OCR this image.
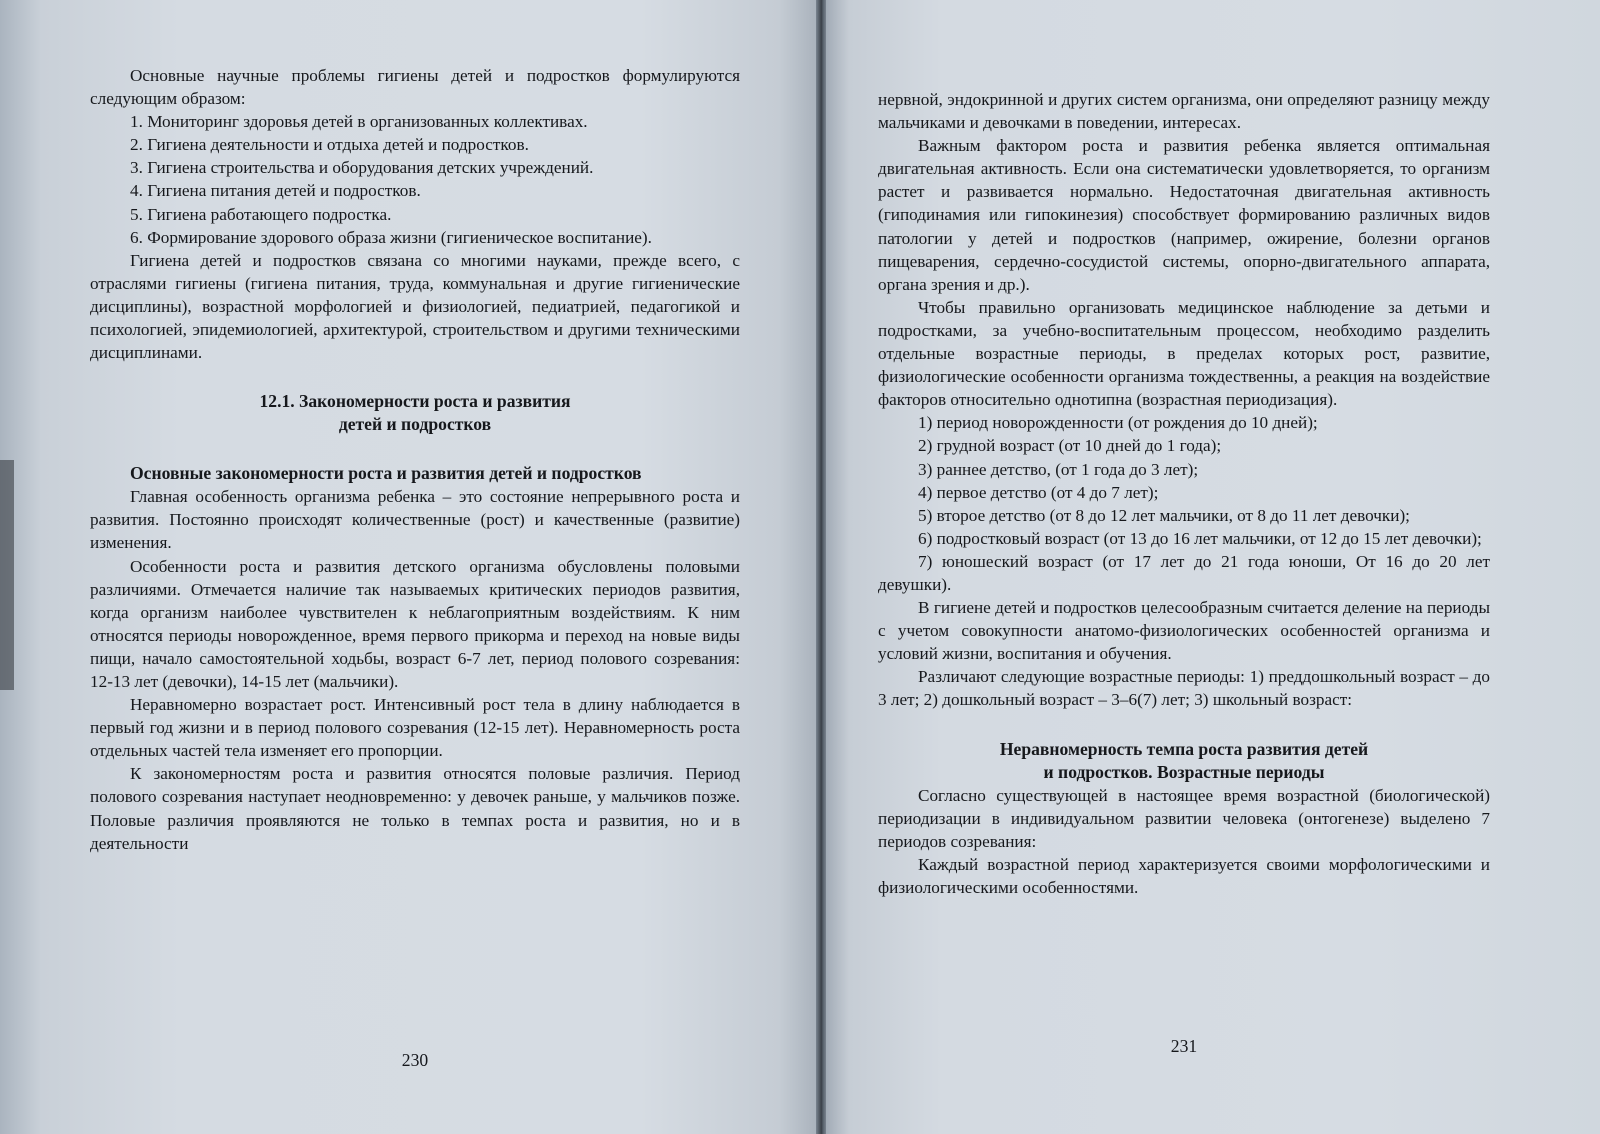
Основные научные проблемы гигиены детей и подростков формулируются следующим образом:

1. Мониторинг здоровья детей в организованных коллективах.

2. Гигиена деятельности и отдыха детей и подростков.

3. Гигиена строительства и оборудования детских учреждений.

4. Гигиена питания детей и подростков.

5. Гигиена работающего подростка.

6. Формирование здорового образа жизни (гигиеническое воспитание).

Гигиена детей и подростков связана со многими науками, прежде всего, с отраслями гигиены (гигиена питания, труда, коммунальная и другие гигиенические дисциплины), возрастной морфологией и физиологией, педиатрией, педагогикой и психологией, эпидемиологией, архитектурой, строительством и другими техническими дисциплинами.

12.1. Закономерности роста и развития

детей и подростков

Основные закономерности роста и развития детей и подростков

Главная особенность организма ребенка – это состояние непрерывного роста и развития. Постоянно происходят количественные (рост) и качественные (развитие) изменения.

Особенности роста и развития детского организма обусловлены половыми различиями. Отмечается наличие так называемых критических периодов развития, когда организм наиболее чувствителен к неблагоприятным воздействиям. К ним относятся периоды новорожденное, время первого прикорма и переход на новые виды пищи, начало самостоятельной ходьбы, возраст 6-7 лет, период полового созревания: 12-13 лет (девочки), 14-15 лет (мальчики).

Неравномерно возрастает рост. Интенсивный рост тела в длину наблюдается в первый год жизни и в период полового созревания (12-15 лет). Неравномерность роста отдельных частей тела изменяет его пропорции.

К закономерностям роста и развития относятся половые различия. Период полового созревания наступает неодновременно: у девочек раньше, у мальчиков позже. Половые различия проявляются не только в темпах роста и развития, но и в деятельности

230

нервной, эндокринной и других систем организма, они определяют разницу между мальчиками и девочками в поведении, интересах.

Важным фактором роста и развития ребенка является оптимальная двигательная активность. Если она систематически удовлетворяется, то организм растет и развивается нормально. Недостаточная двигательная активность (гиподинамия или гипокинезия) способствует формированию различных видов патологии у детей и подростков (например, ожирение, болезни органов пищеварения, сердечно-сосудистой системы, опорно-двигательного аппарата, органа зрения и др.).

Чтобы правильно организовать медицинское наблюдение за детьми и подростками, за учебно-воспитательным процессом, необходимо разделить отдельные возрастные периоды, в пределах которых рост, развитие, физиологические особенности организма тождественны, а реакция на воздействие факторов относительно однотипна (возрастная периодизация).

1) период новорожденности (от рождения до 10 дней);

2) грудной возраст (от 10 дней до 1 года);

3) раннее детство, (от 1 года до 3 лет);

4) первое детство (от 4 до 7 лет);

5) второе детство (от 8 до 12 лет мальчики, от 8 до 11 лет девочки);

6) подростковый возраст (от 13 до 16 лет мальчики, от 12 до 15 лет девочки);

7) юношеский возраст (от 17 лет до 21 года юноши, От 16 до 20 лет девушки).

В гигиене детей и подростков целесообразным считается деление на периоды с учетом совокупности анатомо-физиологических особенностей организма и условий жизни, воспитания и обучения.

Различают следующие возрастные периоды: 1) преддошкольный возраст – до 3 лет; 2) дошкольный возраст – 3–6(7) лет; 3) школьный возраст:

Неравномерность темпа роста развития детей

и подростков. Возрастные периоды

Согласно существующей в настоящее время возрастной (биологической) периодизации в индивидуальном развитии человека (онтогенезе) выделено 7 периодов созревания:

Каждый возрастной период характеризуется своими морфологическими и физиологическими особенностями.

231
